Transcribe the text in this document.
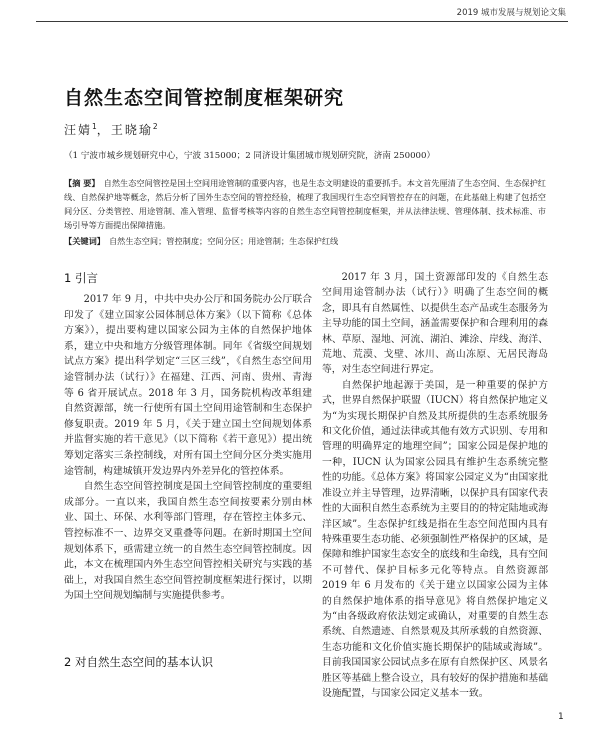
2019 城市发展与规划论文集
自然生态空间管控制度框架研究
汪婧$^1$，王晓瑜$^2$
（1 宁波市城乡规划研究中心，宁波 315000；2 同济设计集团城市规划研究院，济南 250000）
【摘 要】 自然生态空间管控是国土空间用途管制的重要内容，也是生态文明建设的重要抓手。本文首先厘清了生态空间、生态保护红线、自然保护地等概念，然后分析了国外生态空间的管控经验，梳理了我国现行生态空间管控存在的问题，在此基础上构建了包括空间分区、分类管控、用途管制、准入管理、监督考核等内容的自然生态空间管控制度框架，并从法律法规、管理体制、技术标准、市场引导等方面提出保障措施。
【关键词】 自然生态空间；管控制度；空间分区；用途管制；生态保护红线
1 引言

2017 年 9 月，中共中央办公厅和国务院办公厅联合印发了《建立国家公园体制总体方案》（以下简称《总体方案》），提出要构建以国家公园为主体的自然保护地体系，建立中央和地方分级管理体制。同年《省级空间规划试点方案》提出科学划定“三区三线”，《自然生态空间用途管制办法（试行）》在福建、江西、河南、贵州、青海等 6 省开展试点。2018 年 3 月，国务院机构改革组建自然资源部，统一行使所有国土空间用途管制和生态保护修复职责。2019 年 5 月，《关于建立国土空间规划体系并监督实施的若干意见》（以下简称《若干意见》）提出统筹划定落实三条控制线，对所有国土空间分区分类实施用途管制，构建城镇开发边界内外差异化的管控体系。

自然生态空间管控制度是国土空间管控制度的重要组成部分。一直以来，我国自然生态空间按要素分别由林业、国土、环保、水利等部门管理，存在管控主体多元、管控标准不一、边界交叉重叠等问题。在新时期国土空间规划体系下，亟需建立统一的自然生态空间管控制度。因此，本文在梳理国内外生态空间管控相关研究与实践的基础上，对我国自然生态空间管控制度框架进行探讨，以期为国土空间规划编制与实施提供参考。

2 对自然生态空间的基本认识

2017 年 3 月，国土资源部印发的《自然生态空间用途管制办法（试行）》明确了生态空间的概念，即具有自然属性、以提供生态产品或生态服务为主导功能的国土空间，涵盖需要保护和合理利用的森林、草原、湿地、河流、湖泊、滩涂、岸线、海洋、荒地、荒漠、戈壁、冰川、高山冻原、无居民海岛等，对生态空间进行界定。

自然保护地起源于美国，是一种重要的保护方式，世界自然保护联盟（IUCN）将自然保护地定义为“为实现长期保护自然及其所提供的生态系统服务和文化价值，通过法律或其他有效方式识别、专用和管理的明确界定的地理空间”；国家公园是保护地的一种，IUCN 认为国家公园具有维护生态系统完整性的功能。《总体方案》将国家公园定义为“由国家批准设立并主导管理，边界清晰，以保护具有国家代表性的大面积自然生态系统为主要目的的特定陆地或海洋区域”。生态保护红线是指在生态空间范围内具有特殊重要生态功能、必须强制性严格保护的区域，是保障和维护国家生态安全的底线和生命线，具有空间不可替代、保护目标多元化等特点。自然资源部 2019 年 6 月发布的《关于建立以国家公园为主体的自然保护地体系的指导意见》将自然保护地定义为“由各级政府依法划定或确认，对重要的自然生态系统、自然遗迹、自然景观及其所承载的自然资源、生态功能和文化价值实施长期保护的陆域或海域”。目前我国国家公园试点多在原有自然保护区、风景名胜区等基础上整合设立，具有较好的保护措施和基础设施配置，与国家公园定义基本一致。

1
